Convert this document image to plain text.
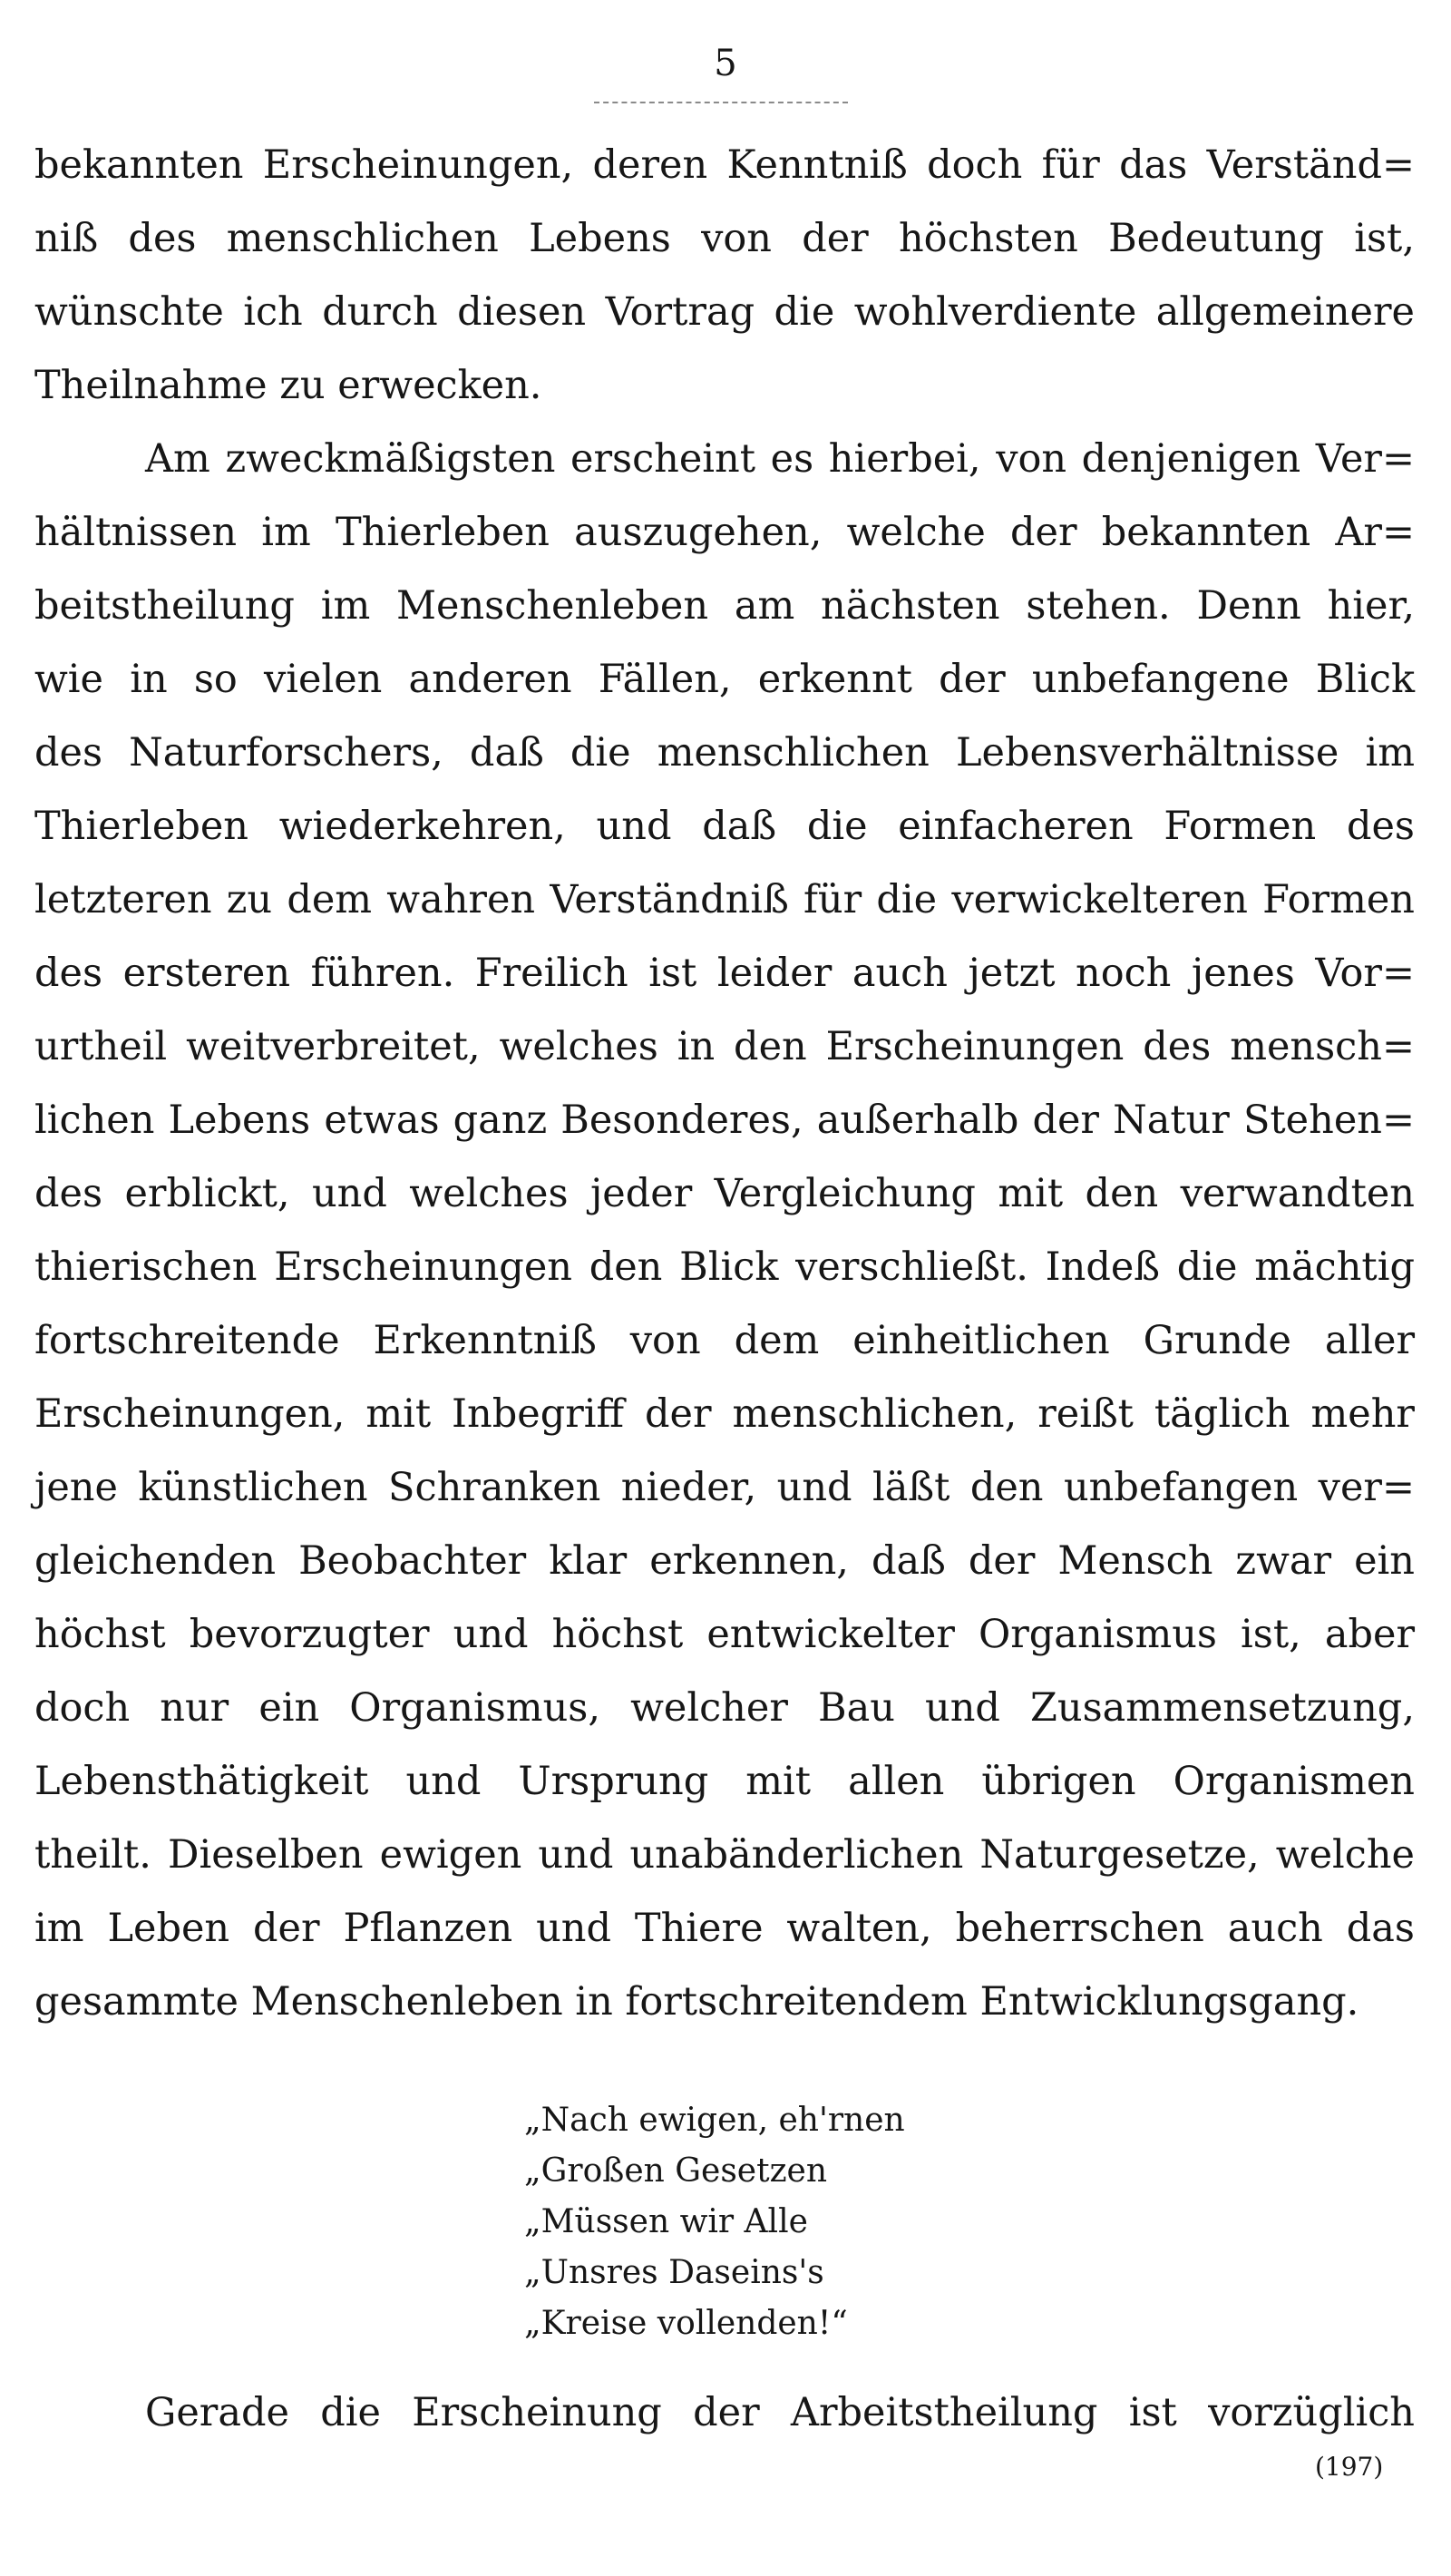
5
bekannten Erscheinungen, deren Kenntniß doch für das Verständ=
niß des menschlichen Lebens von der höchsten Bedeutung ist,
wünschte ich durch diesen Vortrag die wohlverdiente allgemeinere
Theilnahme zu erwecken.
Am zweckmäßigsten erscheint es hierbei, von denjenigen Ver=
hältnissen im Thierleben auszugehen, welche der bekannten Ar=
beitstheilung im Menschenleben am nächsten stehen. Denn hier,
wie in so vielen anderen Fällen, erkennt der unbefangene Blick
des Naturforschers, daß die menschlichen Lebensverhältnisse im
Thierleben wiederkehren, und daß die einfacheren Formen des
letzteren zu dem wahren Verständniß für die verwickelteren Formen
des ersteren führen. Freilich ist leider auch jetzt noch jenes Vor=
urtheil weitverbreitet, welches in den Erscheinungen des mensch=
lichen Lebens etwas ganz Besonderes, außerhalb der Natur Stehen=
des erblickt, und welches jeder Vergleichung mit den verwandten
thierischen Erscheinungen den Blick verschließt. Indeß die mächtig
fortschreitende Erkenntniß von dem einheitlichen Grunde aller
Erscheinungen, mit Inbegriff der menschlichen, reißt täglich mehr
jene künstlichen Schranken nieder, und läßt den unbefangen ver=
gleichenden Beobachter klar erkennen, daß der Mensch zwar ein
höchst bevorzugter und höchst entwickelter Organismus ist, aber
doch nur ein Organismus, welcher Bau und Zusammensetzung,
Lebensthätigkeit und Ursprung mit allen übrigen Organismen
theilt. Dieselben ewigen und unabänderlichen Naturgesetze, welche
im Leben der Pflanzen und Thiere walten, beherrschen auch das
gesammte Menschenleben in fortschreitendem Entwicklungsgang.
„Nach ewigen, eh'rnen
„Großen Gesetzen
„Müssen wir Alle
„Unsres Daseins's
„Kreise vollenden!“
Gerade die Erscheinung der Arbeitstheilung ist vorzüglich
(197)
